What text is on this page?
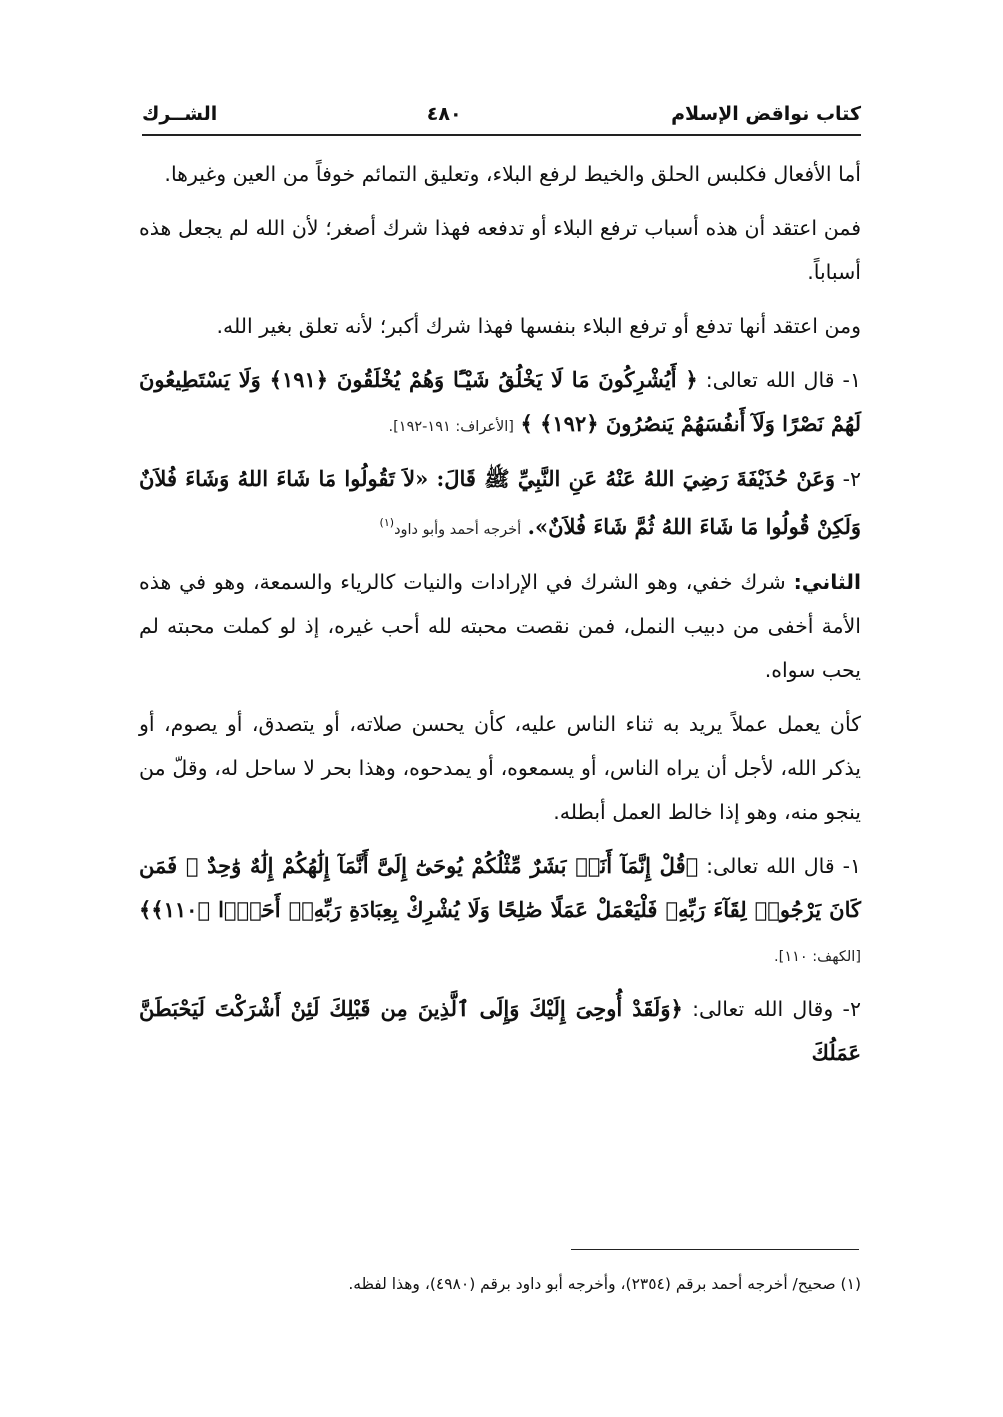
كتاب نواقض الإسلام
٤٨٠
الشــرك

أما الأفعال فكلبس الحلق والخيط لرفع البلاء، وتعليق التمائم خوفاً من العين وغيرها.

فمن اعتقد أن هذه أسباب ترفع البلاء أو تدفعه فهذا شرك أصغر؛ لأن الله لم يجعل هذه أسباباً.

ومن اعتقد أنها تدفع أو ترفع البلاء بنفسها فهذا شرك أكبر؛ لأنه تعلق بغير الله.

١- قال الله تعالى: ﴿ أَيُشْرِكُونَ مَا لَا يَخْلُقُ شَيْـًٔا وَهُمْ يُخْلَقُونَ ﴿١٩١﴾ وَلَا يَسْتَطِيعُونَ لَهُمْ نَصْرًا وَلَآ أَنفُسَهُمْ يَنصُرُونَ ﴿١٩٢﴾ ﴾ [الأعراف: ١٩١-١٩٢].
٢- وَعَنْ حُذَيْفَةَ رَضِيَ اللهُ عَنْهُ عَنِ النَّبِيِّ ﷺ قَالَ: «لاَ تَقُولُوا مَا شَاءَ اللهُ وَشَاءَ فُلاَنٌ وَلَكِنْ قُولُوا مَا شَاءَ اللهُ ثُمَّ شَاءَ فُلاَنٌ». أخرجه أحمد وأبو داود$^{(١)}$

الثاني: شرك خفي، وهو الشرك في الإرادات والنيات كالرياء والسمعة، وهو في هذه الأمة أخفى من دبيب النمل، فمن نقصت محبته لله أحب غيره، إذ لو كملت محبته لم يحب سواه.

كأن يعمل عملاً يريد به ثناء الناس عليه، كأن يحسن صلاته، أو يتصدق، أو يصوم، أو يذكر الله، لأجل أن يراه الناس، أو يسمعوه، أو يمدحوه، وهذا بحر لا ساحل له، وقلّ من ينجو منه، وهو إذا خالط العمل أبطله.

١- قال الله تعالى: ﴿قُلْ إِنَّمَآ أَنَا۠ بَشَرٌ مِّثْلُكُمْ يُوحَىٰٓ إِلَىَّ أَنَّمَآ إِلَٰهُكُمْ إِلَٰهٌ وَٰحِدٌ ۖ فَمَن كَانَ يَرْجُوا۟ لِقَآءَ رَبِّهِۦ فَلْيَعْمَلْ عَمَلًا صَٰلِحًا وَلَا يُشْرِكْ بِعِبَادَةِ رَبِّهِۦٓ أَحَدًۢا ﴿١١٠﴾﴾ [الكهف: ١١٠].
٢- وقال الله تعالى: ﴿وَلَقَدْ أُوحِىَ إِلَيْكَ وَإِلَى ٱلَّذِينَ مِن قَبْلِكَ لَئِنْ أَشْرَكْتَ لَيَحْبَطَنَّ عَمَلُكَ
(١) صحيح/ أخرجه أحمد برقم (٢٣٥٤)، وأخرجه أبو داود برقم (٤٩٨٠)، وهذا لفظه.
